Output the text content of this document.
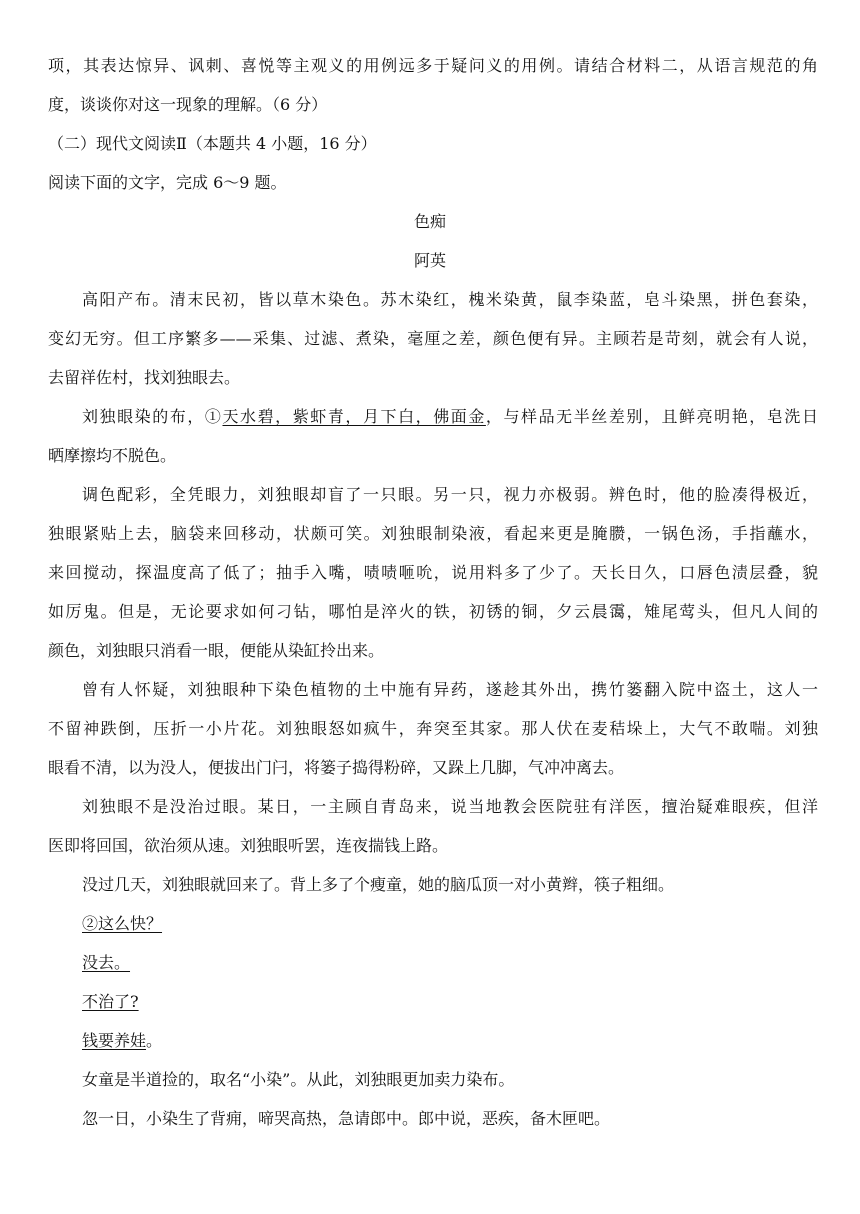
项，其表达惊异、讽刺、喜悦等主观义的用例远多于疑问义的用例。请结合材料二，从语言规范的角
度，谈谈你对这一现象的理解。（6 分）
（二）现代文阅读Ⅱ（本题共 4 小题，16 分）
阅读下面的文字，完成 6～9 题。
色痴
阿英
高阳产布。清末民初，皆以草木染色。苏木染红，槐米染黄，鼠李染蓝，皂斗染黑，拼色套染，
变幻无穷。但工序繁多——采集、过滤、煮染，毫厘之差，颜色便有异。主顾若是苛刻，就会有人说，
去留祥佐村，找刘独眼去。
刘独眼染的布，①天水碧，紫虾青，月下白，佛面金，与样品无半丝差别，且鲜亮明艳，皂洗日
晒摩擦均不脱色。
调色配彩，全凭眼力，刘独眼却盲了一只眼。另一只，视力亦极弱。辨色时，他的脸凑得极近，
独眼紧贴上去，脑袋来回移动，状颇可笑。刘独眼制染液，看起来更是腌臜，一锅色汤，手指蘸水，
来回搅动，探温度高了低了；抽手入嘴，啧啧咂吮，说用料多了少了。天长日久，口唇色渍层叠，貌
如厉鬼。但是，无论要求如何刁钻，哪怕是淬火的铁，初锈的铜，夕云晨霭，雉尾莺头，但凡人间的
颜色，刘独眼只消看一眼，便能从染缸拎出来。
曾有人怀疑，刘独眼种下染色植物的土中施有异药，遂趁其外出，携竹篓翻入院中盗土，这人一
不留神跌倒，压折一小片花。刘独眼怒如疯牛，奔突至其家。那人伏在麦秸垛上，大气不敢喘。刘独
眼看不清，以为没人，便拔出门闩，将篓子捣得粉碎，又跺上几脚，气冲冲离去。
刘独眼不是没治过眼。某日，一主顾自青岛来，说当地教会医院驻有洋医，擅治疑难眼疾，但洋
医即将回国，欲治须从速。刘独眼听罢，连夜揣钱上路。
没过几天，刘独眼就回来了。背上多了个瘦童，她的脑瓜顶一对小黄辫，筷子粗细。
②这么快？
没去。
不治了?
钱要养娃。
女童是半道捡的，取名“小染”。从此，刘独眼更加卖力染布。
忽一日，小染生了背痈，啼哭高热，急请郎中。郎中说，恶疾，备木匣吧。
